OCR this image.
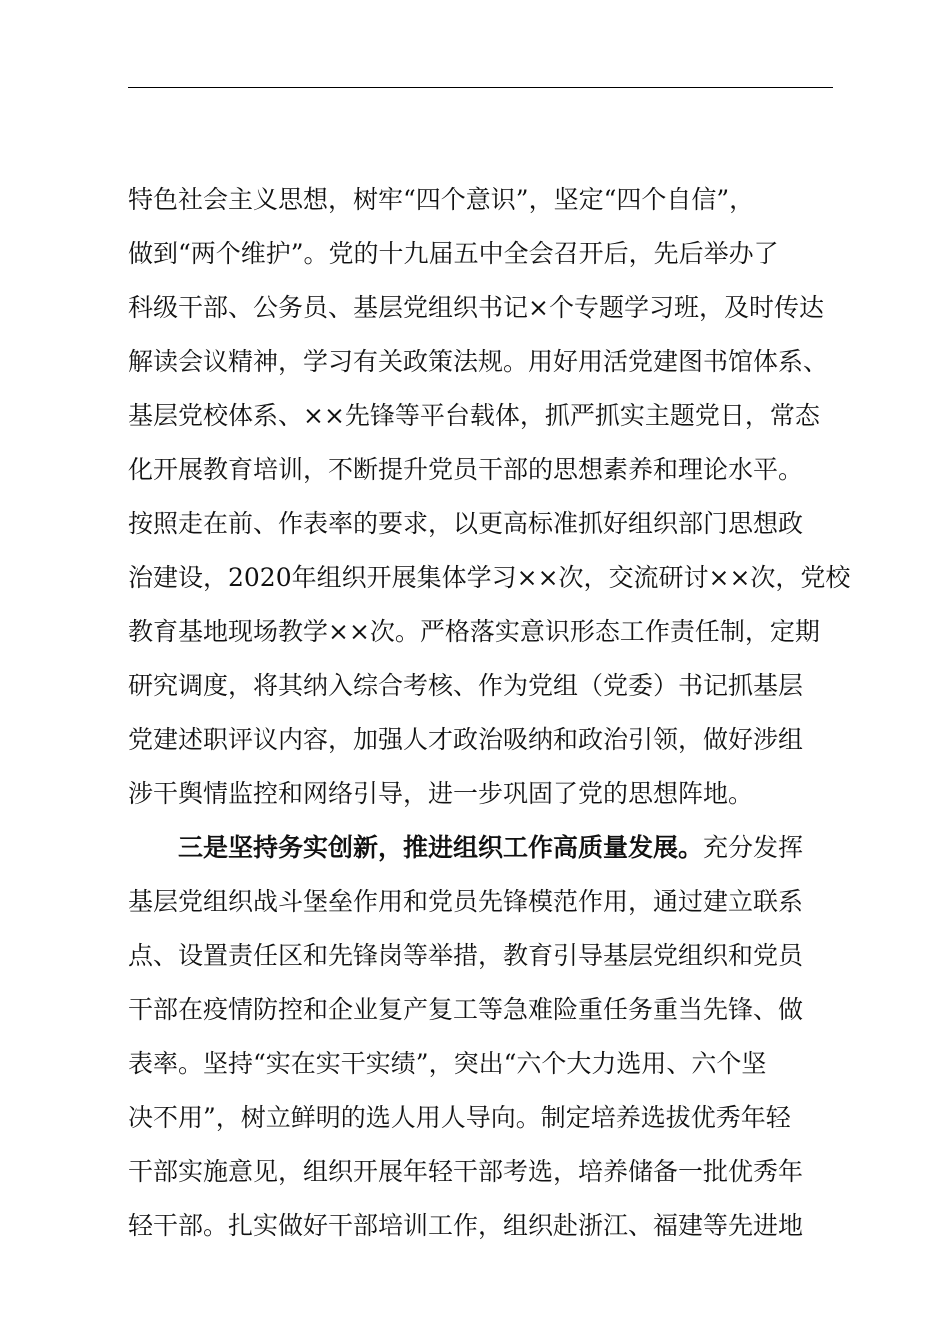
特色社会主义思想，树牢“四个意识”，坚定“四个自信”，
做到“两个维护”。党的十九届五中全会召开后，先后举办了
科级干部、公务员、基层党组织书记×个专题学习班，及时传达
解读会议精神，学习有关政策法规。用好用活党建图书馆体系、
基层党校体系、××先锋等平台载体，抓严抓实主题党日，常态
化开展教育培训，不断提升党员干部的思想素养和理论水平。
按照走在前、作表率的要求，以更高标准抓好组织部门思想政
治建设，2020年组织开展集体学习××次，交流研讨××次，党校
教育基地现场教学××次。严格落实意识形态工作责任制，定期
研究调度，将其纳入综合考核、作为党组（党委）书记抓基层
党建述职评议内容，加强人才政治吸纳和政治引领，做好涉组
涉干舆情监控和网络引导，进一步巩固了党的思想阵地。
三是坚持务实创新，推进组织工作高质量发展。充分发挥
基层党组织战斗堡垒作用和党员先锋模范作用，通过建立联系
点、设置责任区和先锋岗等举措，教育引导基层党组织和党员
干部在疫情防控和企业复产复工等急难险重任务重当先锋、做
表率。坚持“实在实干实绩”，突出“六个大力选用、六个坚
决不用”，树立鲜明的选人用人导向。制定培养选拔优秀年轻
干部实施意见，组织开展年轻干部考选，培养储备一批优秀年
轻干部。扎实做好干部培训工作，组织赴浙江、福建等先进地
